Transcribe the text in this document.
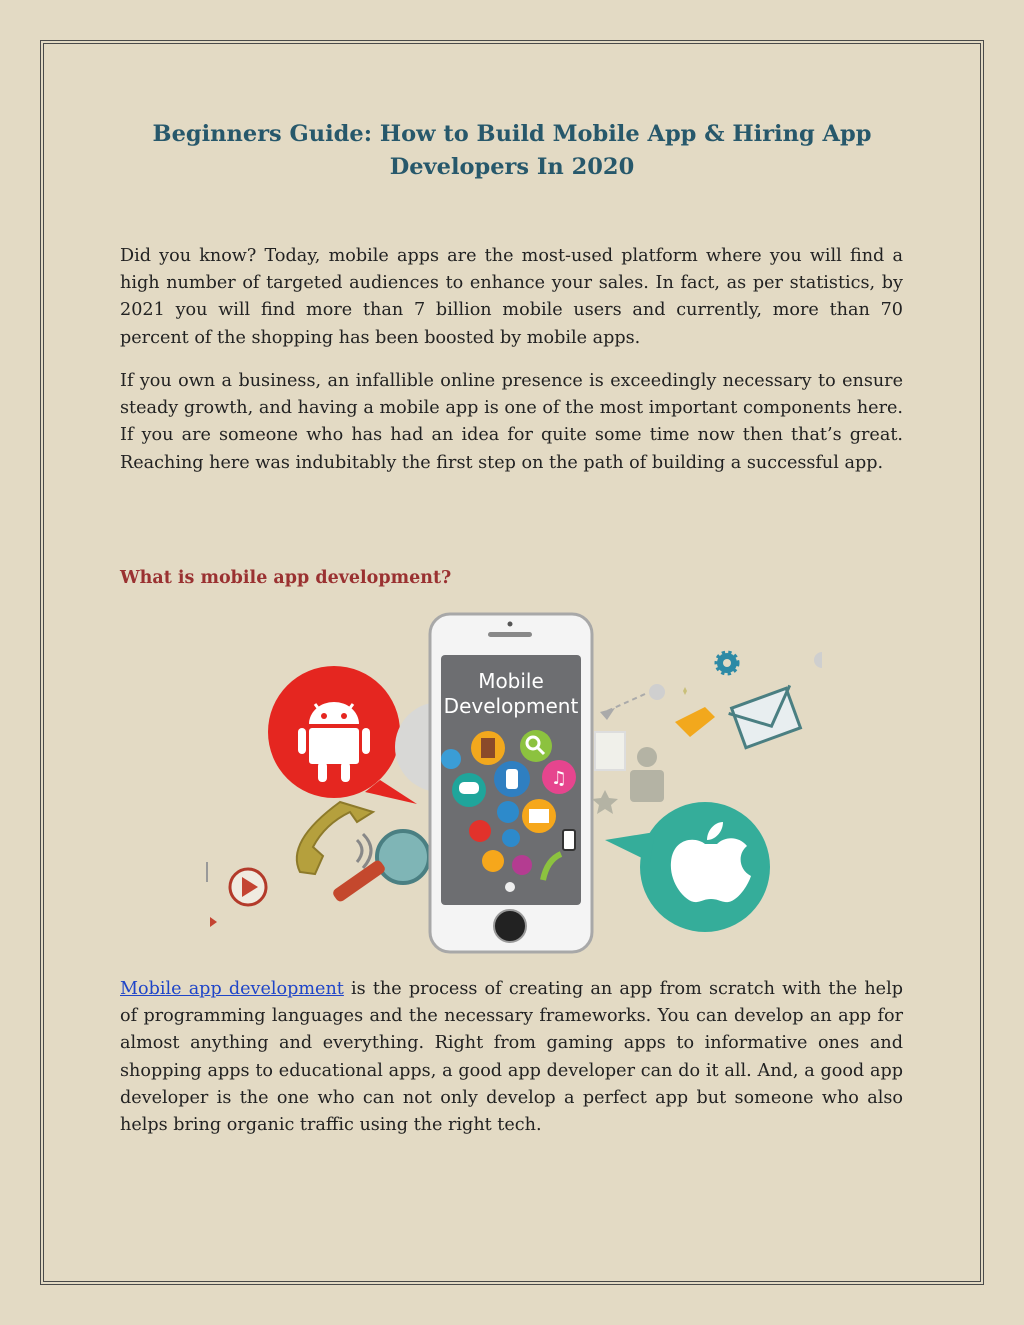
Beginners Guide: How to Build Mobile App & Hiring App Developers In 2020

Did you know? Today, mobile apps are the most-used platform where you will find a high number of targeted audiences to enhance your sales. In fact, as per statistics, by 2021 you will find more than 7 billion mobile users and currently, more than 70 percent of the shopping has been boosted by mobile apps.

If you own a business, an infallible online presence is exceedingly necessary to ensure steady growth, and having a mobile app is one of the most important components here. If you are someone who has had an idea for quite some time now then that’s great. Reaching here was indubitably the first step on the path of building a successful app.

What is mobile app development?
Mobile
Development
♫

Mobile app development is the process of creating an app from scratch with the help of programming languages and the necessary frameworks. You can develop an app for almost anything and everything. Right from gaming apps to informative ones and shopping apps to educational apps, a good app developer can do it all. And, a good app developer is the one who can not only develop a perfect app but someone who also helps bring organic traffic using the right tech.
